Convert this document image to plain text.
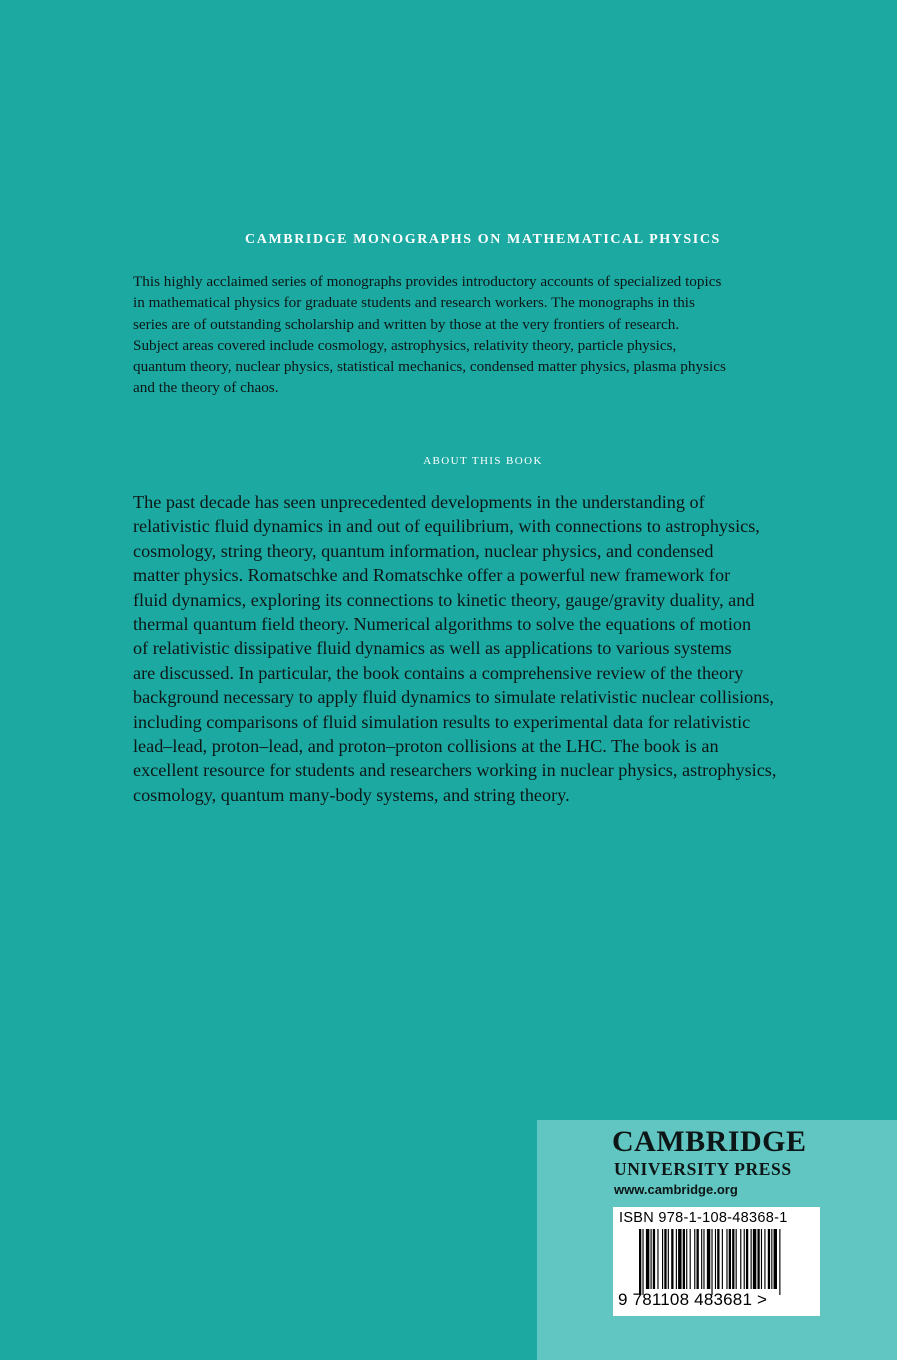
CAMBRIDGE MONOGRAPHS ON MATHEMATICAL PHYSICS
This highly acclaimed series of monographs provides introductory accounts of specialized topics
in mathematical physics for graduate students and research workers. The monographs in this
series are of outstanding scholarship and written by those at the very frontiers of research.
Subject areas covered include cosmology, astrophysics, relativity theory, particle physics,
quantum theory, nuclear physics, statistical mechanics, condensed matter physics, plasma physics
and the theory of chaos.
ABOUT THIS BOOK
The past decade has seen unprecedented developments in the understanding of
relativistic fluid dynamics in and out of equilibrium, with connections to astrophysics,
cosmology, string theory, quantum information, nuclear physics, and condensed
matter physics. Romatschke and Romatschke offer a powerful new framework for
fluid dynamics, exploring its connections to kinetic theory, gauge/gravity duality, and
thermal quantum field theory. Numerical algorithms to solve the equations of motion
of relativistic dissipative fluid dynamics as well as applications to various systems
are discussed. In particular, the book contains a comprehensive review of the theory
background necessary to apply fluid dynamics to simulate relativistic nuclear collisions,
including comparisons of fluid simulation results to experimental data for relativistic
lead–lead, proton–lead, and proton–proton collisions at the LHC. The book is an
excellent resource for students and researchers working in nuclear physics, astrophysics,
cosmology, quantum many-body systems, and string theory.
CAMBRIDGE
UNIVERSITY PRESS
www.cambridge.org
ISBN 978-1-108-48368-1
9 781108 483681 >
